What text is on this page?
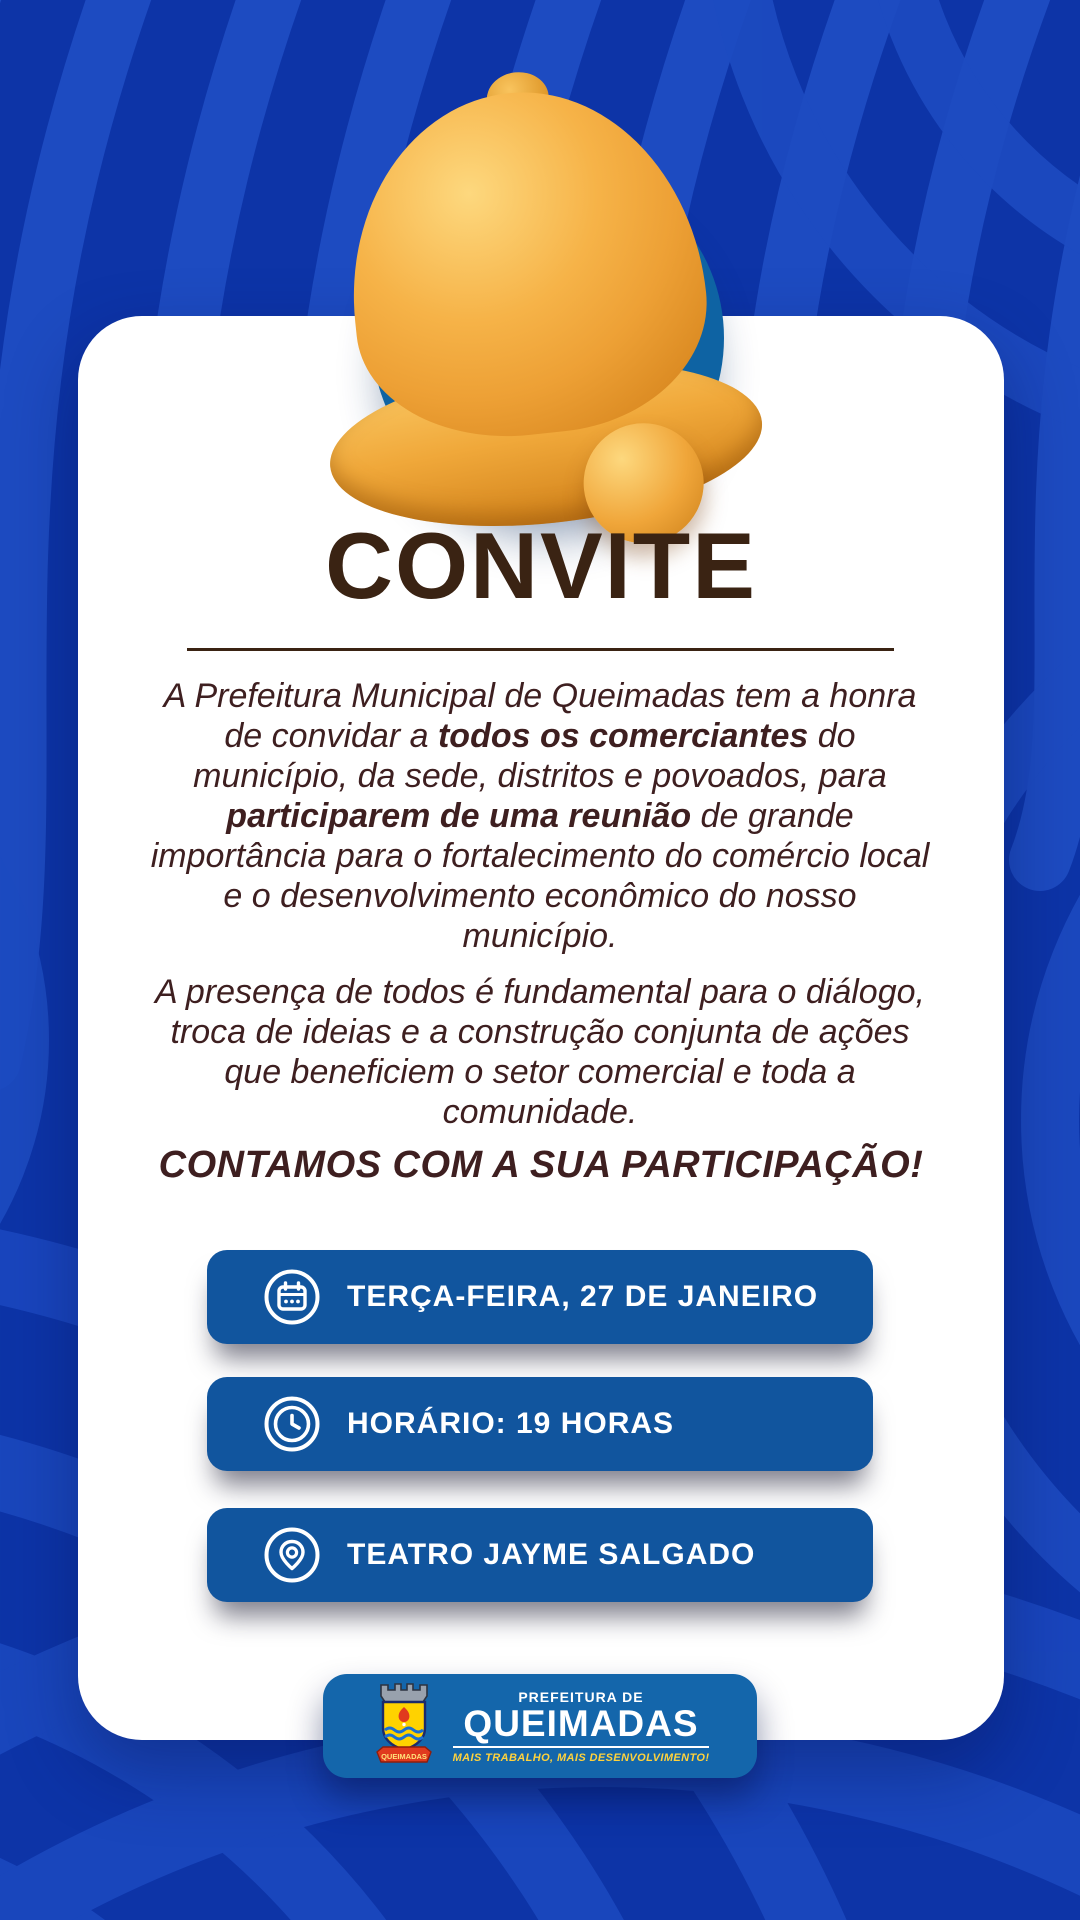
CONVITE
A Prefeitura Municipal de Queimadas tem a honra de convidar a todos os comerciantes do município, da sede, distritos e povoados, para participarem de uma reunião de grande importância para o fortalecimento do comércio local e o desenvolvimento econômico do nosso município.
A presença de todos é fundamental para o diálogo, troca de ideias e a construção conjunta de ações que beneficiem o setor comercial e toda a comunidade.
CONTAMOS COM A SUA PARTICIPAÇÃO!
TERÇA-FEIRA, 27 DE JANEIRO
HORÁRIO: 19 HORAS
TEATRO JAYME SALGADO
QUEIMADAS
PREFEITURA DE
QUEIMADAS
MAIS TRABALHO, MAIS DESENVOLVIMENTO!
